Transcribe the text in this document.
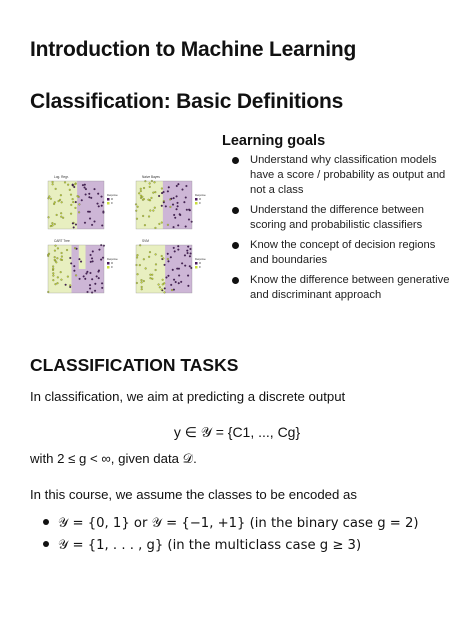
Introduction to Machine Learning
Classification: Basic Definitions
Log. Regr.
Response
M
R
Naive Bayes
Response
M
R
CART Tree
Response
M
R
SVM
Response
M
R
Learning goals
Understand why classification models have a score / probability as output and not a class
Understand the difference between scoring and probabilistic classifiers
Know the concept of decision regions and boundaries
Know the difference between generative and discriminant approach
CLASSIFICATION TASKS

In classification, we aim at predicting a discrete output

y ∈ 𝒴 = {C1, ..., Cg}

with 2 ≤ g < ∞, given data 𝒟.

In this course, we assume the classes to be encoded as

𝒴 = {0, 1} or 𝒴 = {−1, +1} (in the binary case g = 2)
𝒴 = {1, . . . , g} (in the multiclass case g ≥ 3)
